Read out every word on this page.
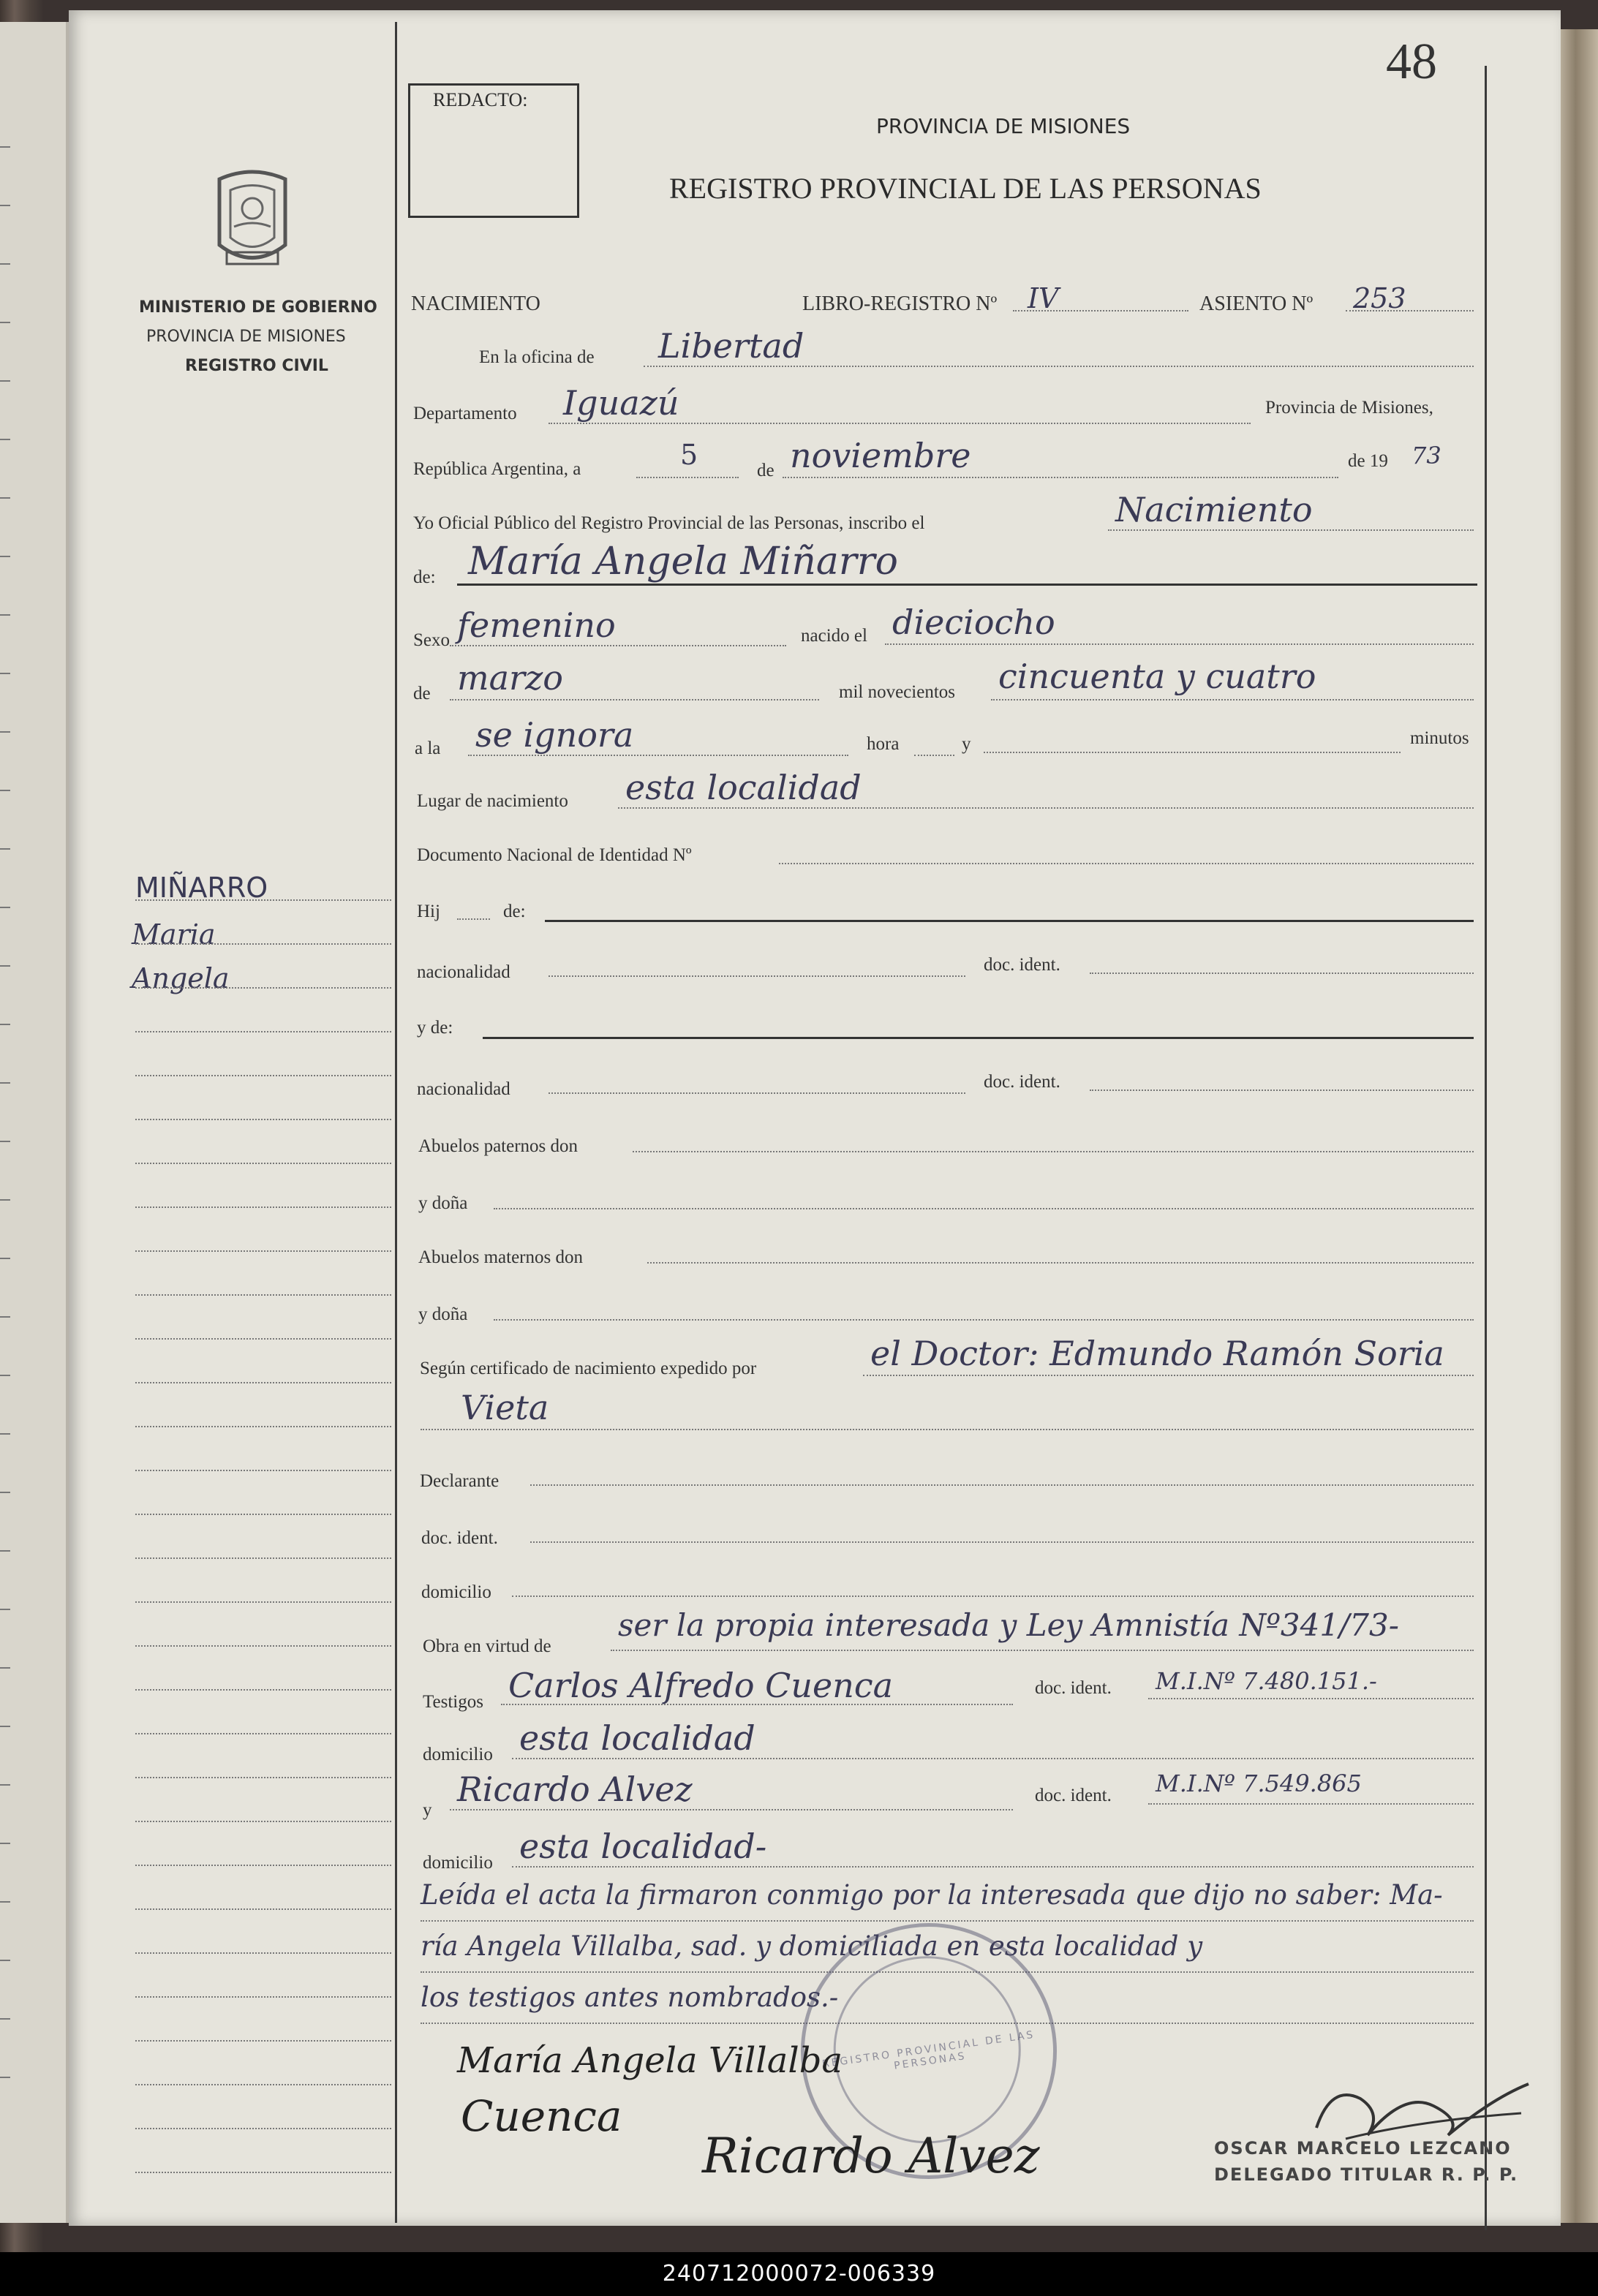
48
MINISTERIO DE GOBIERNO
PROVINCIA DE MISIONES
REGISTRO CIVIL
MIÑARRO
Maria
Angela
REDACTO:
PROVINCIA DE MISIONES
REGISTRO PROVINCIAL DE LAS PERSONAS
NACIMIENTO	LIBRO-REGISTRO Nº IV	ASIENTO Nº 253
En la oficina de Libertad
Departamento Iguazú	Provincia de Misiones,
República Argentina, a	5	de noviembre	de 19 73
Yo Oficial Público del Registro Provincial de las Personas, inscribo el	Nacimiento
de: María Angela Miñarro
Sexo femenino	nacido el dieciocho
de marzo	mil novecientos cincuenta y cuatro
a la se ignora	hora	y	minutos
Lugar de nacimiento esta localidad
Documento Nacional de Identidad Nº
Hij	de:
nacionalidad	doc. ident.
y de:
nacionalidad	doc. ident.
Abuelos paternos don
y doña
Abuelos maternos don
y doña
Según certificado de nacimiento expedido por	el Doctor: Edmundo Ramón Soria
Vieta
Declarante
doc. ident.
domicilio
Obra en virtud de
ser la propia interesada y Ley Amnistía Nº341/73-
Testigos Carlos Alfredo Cuenca	doc. ident. M.I.Nº 7.480.151.-
domicilio esta localidad
y
Ricardo Alvez	doc. ident. M.I.Nº 7.549.865
domicilio esta localidad-
Leída el acta la firmaron conmigo por la interesada que dijo no saber: Ma-
ría Angela Villalba, sad. y domiciliada en esta localidad y
los testigos antes nombrados.-
REGISTRO PROVINCIAL DE LAS PERSONAS
María Angela Villalba
Cuenca
Ricardo Alvez	OSCAR MARCELO LEZCANO
DELEGADO TITULAR R. P. P.
240712000072-006339
